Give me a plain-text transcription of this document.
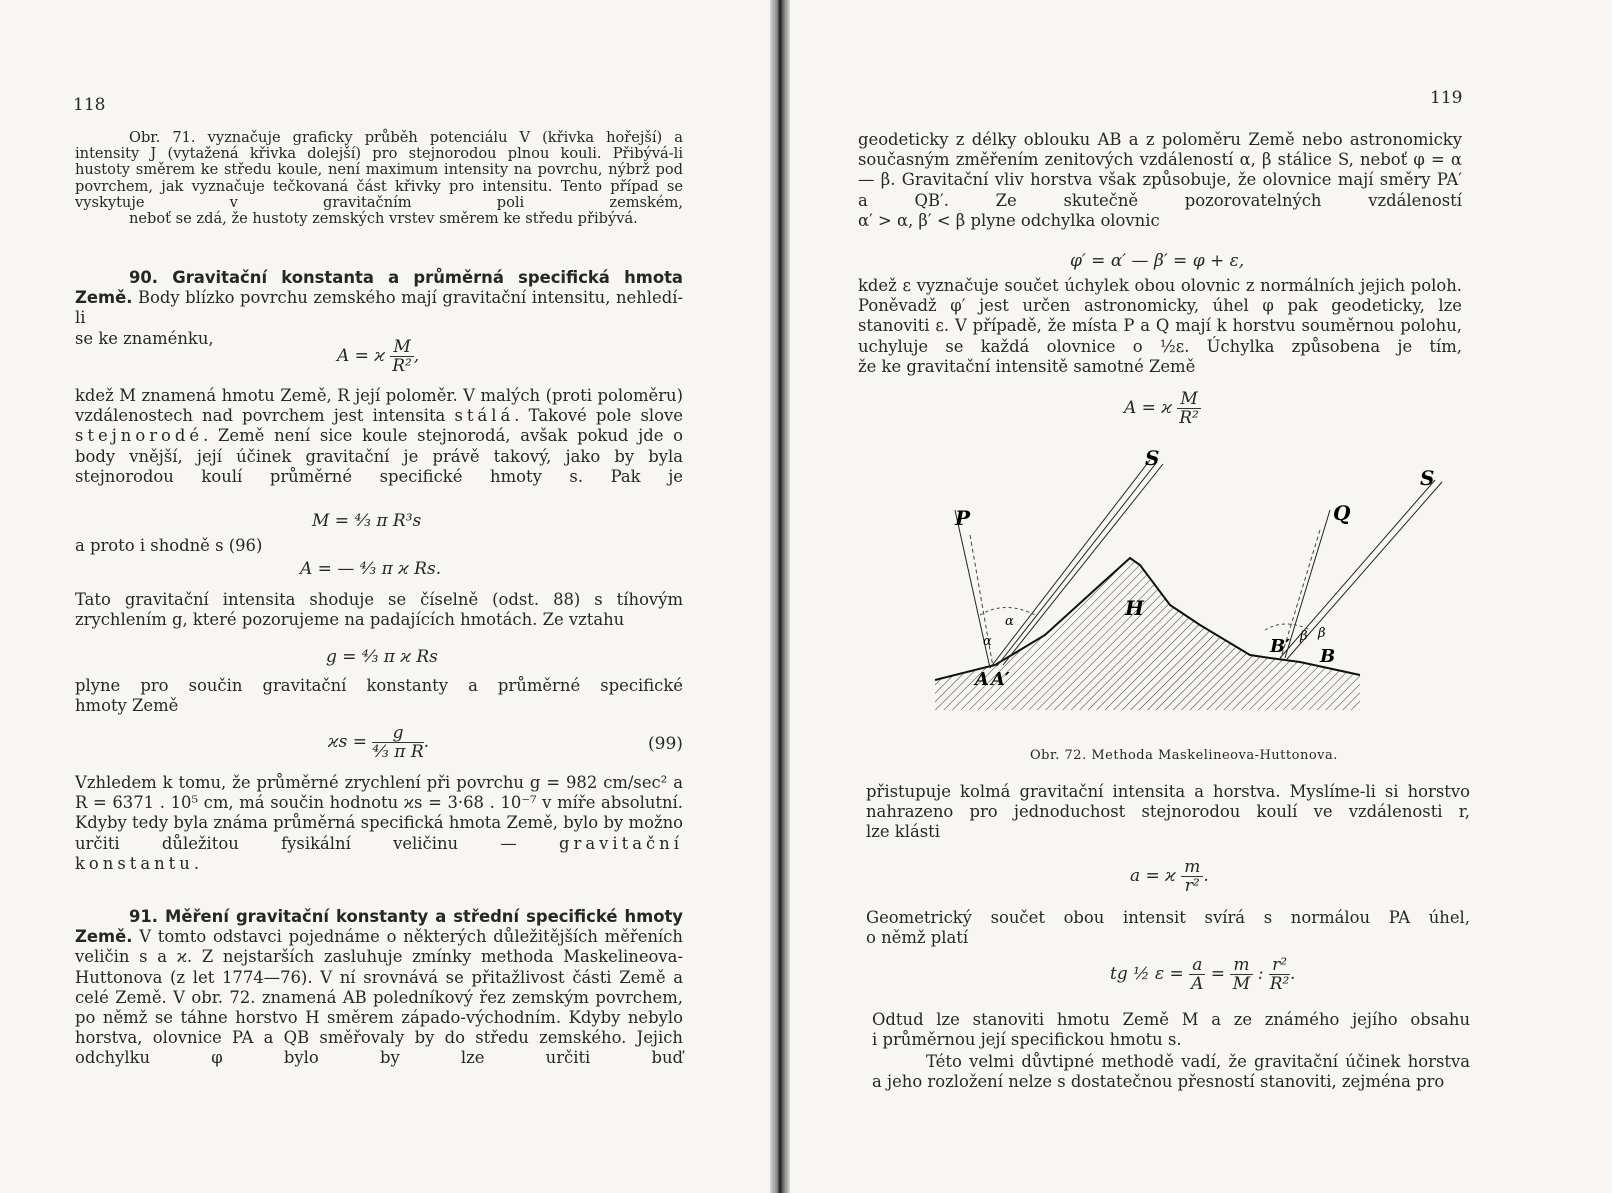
118

Obr. 71. vyznačuje graficky průběh potenciálu V (křivka hořejší) a intensity J (vytažená křivka dolejší) pro stejnorodou plnou kouli. Přibývá-li hustoty směrem ke středu koule, není maximum intensity na povrchu, nýbrž pod povrchem, jak vyznačuje tečkovaná část křivky pro intensitu. Tento případ se vyskytuje v gravitačním poli zemském,
neboť se zdá, že hustoty zemských vrstev směrem ke středu přibývá.

90. Gravitační konstanta a průměrná specifická hmota Země. Body blízko povrchu zemského mají gravitační intensitu, nehledí-li
se ke znaménku,

A = ϰ $\frac{M}{\text{R²}}$ ,

kdež M znamená hmotu Země, R její poloměr. V malých (proti poloměru) vzdálenostech nad povrchem jest intensita stálá. Takové pole slove stejnorodé. Země není sice koule stejnorodá, avšak pokud jde o body vnější, její účinek gravitační je právě takový, jako by byla stejnorodou koulí průměrné specifické hmoty s. Pak je

M = ⁴⁄₃ π R³s
a proto i shodně s (96)
A = — ⁴⁄₃ π ϰ Rs.

Tato gravitační intensita shoduje se číselně (odst. 88) s tíhovým zrychlením g, které pozorujeme na padajících hmotách. Ze vztahu

g = ⁴⁄₃ π ϰ Rs

plyne pro součin gravitační konstanty a průměrné specifické
hmoty Země

$ϰs = \frac{g}{\text{⁴⁄₃ π R}}$ .	(99)

Vzhledem k tomu, že průměrné zrychlení při povrchu g = 982 cm/sec² a R = 6371 . 10⁵ cm, má součin hodnotu ϰs = 3·68 . 10⁻⁷ v míře absolutní. Kdyby tedy byla známa průměrná specifická hmota Země, bylo by možno určiti důležitou fysikální veličinu —	gravitační
konstantu.

91. Měření gravitační konstanty a střední specifické hmoty Země. V tomto odstavci pojednáme o některých důležitějších měřeních veličin s a ϰ. Z nejstarších zasluhuje zmínky methoda Maskelineova-Huttonova (z let 1774—76). V ní srovnává se přitažlivost části Země a celé Země. V obr. 72. znamená AB poledníkový řez zemským povrchem, po němž se táhne horstvo H směrem západo-východním. Kdyby nebylo horstva, olovnice PA a QB směřovaly by do středu zemského. Jejich odchylku φ bylo by lze určiti buď

119

geodeticky z délky oblouku AB a z poloměru Země nebo astronomicky současným změřením zenitových vzdáleností α, β stálice S, neboť φ = α — β. Gravitační vliv horstva však způsobuje, že olovnice mají směry PA′ a QB′. Ze skutečně pozorovatelných vzdáleností
α′ > α, β′ < β plyne odchylka olovnic

φ′ = α′ — β′ = φ + ε,

kdež ε vyznačuje součet úchylek obou olovnic z normálních jejich poloh. Poněvadž φ′ jest určen astronomicky, úhel φ pak geodeticky, lze stanoviti ε. V případě, že místa P a Q mají k horstvu souměrnou polohu, uchyluje se každá olovnice o ½ε. Úchylka způsobena je tím,
že ke gravitační intensitě samotné Země

A = ϰ $\frac{M}{\text{R²}}$
S
S
P	Q
H
A A′
B′ B
α
α
β β
Obr. 72. Methoda Maskelineova-Huttonova.

přistupuje kolmá gravitační intensita a horstva. Myslíme-li si horstvo nahrazeno pro jednoduchost stejnorodou koulí ve vzdálenosti r,
lze klásti

a = ϰ $\frac{m}{\text{r²}}$ .

Geometrický součet obou intensit svírá s normálou PA úhel,
o němž platí

tg ½ $\varepsilon = \frac{a}{A} = \frac{m}{M}$ : $\frac{\text{r²}}{\text{R²}}$ .

Odtud lze stanoviti hmotu Země M a ze známého jejího obsahu
i průměrnou její specifickou hmotu s.

Této velmi důvtipné methodě vadí, že gravitační účinek horstva
a jeho rozložení nelze s dostatečnou přesností stanoviti, zejména pro
